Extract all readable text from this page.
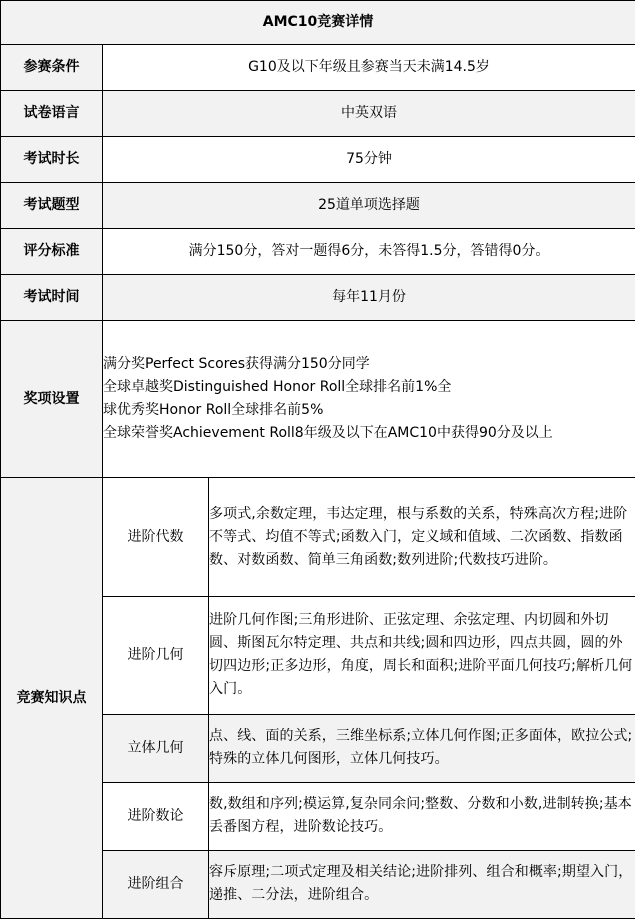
AMC10竞赛详情		
参赛条件	G10及以下年级且参赛当天未满14.5岁	
试卷语言	中英双语	
考试时长	75分钟	
考试题型	25道单项选择题	
评分标准	满分150分，答对一题得6分，未答得1.5分，答错得0分。	
考试时间	每年11月份	
奖项设置	满分奖Perfect Scores获得满分150分同学
全球卓越奖Distinguished Honor Roll全球排名前1%全
球优秀奖Honor Roll全球排名前5%
全球荣誉奖Achievement Roll8年级及以下在AMC10中获得90分及以上	

竞赛知识点	进阶代数	多项式,余数定理，韦达定理，根与系数的关系，特殊高次方程;进阶不等式、均值不等式;函数入门，定义域和值域、二次函数、指数函数、对数函数、简单三角函数;数列进阶;代数技巧进阶。
	进阶几何	进阶几何作图;三角形进阶、正弦定理、余弦定理、内切圆和外切圆、斯图瓦尔特定理、共点和共线;圆和四边形，四点共圆，圆的外切四边形;正多边形，角度，周长和面积;进阶平面几何技巧;解析几何入门。
	立体几何	点、线、面的关系，三维坐标系;立体几何作图;正多面体，欧拉公式;特殊的立体几何图形，立体几何技巧。
	进阶数论	数,数组和序列;模运算,复杂同余问;整数、分数和小数,进制转换;基本丢番图方程，进阶数论技巧。
	进阶组合	容斥原理;二项式定理及相关结论;进阶排列、组合和概率;期望入门，递推、二分法，进阶组合。
